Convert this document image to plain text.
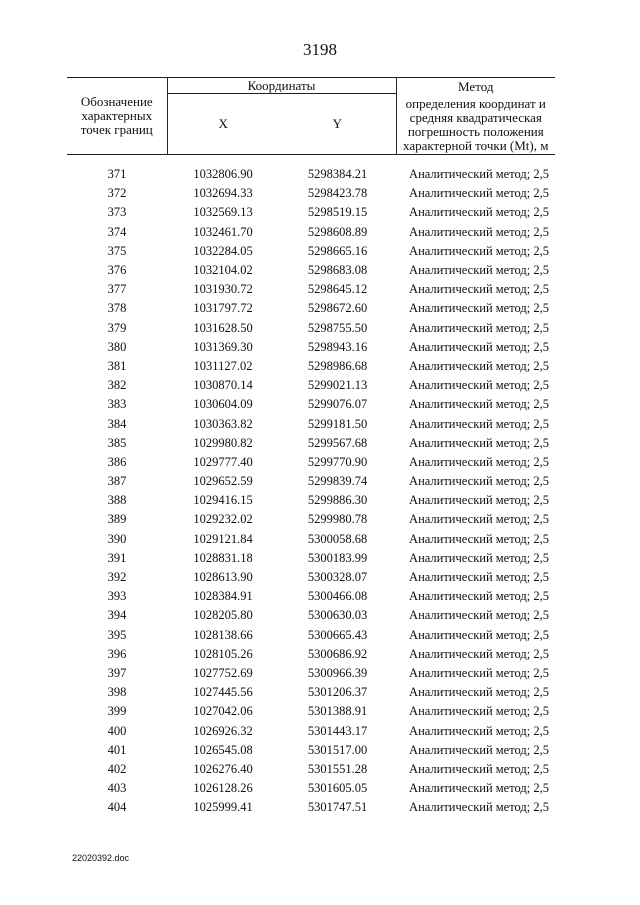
3198
Обозначение характерных точек границ	Координаты		Метод
определения координат и средняя квадратическая погрешность положения характерной точки (Mt), м
	X	Y	

371	1032806.90	5298384.21	Аналитический метод; 2,5
372	1032694.33	5298423.78	Аналитический метод; 2,5
373	1032569.13	5298519.15	Аналитический метод; 2,5
374	1032461.70	5298608.89	Аналитический метод; 2,5
375	1032284.05	5298665.16	Аналитический метод; 2,5
376	1032104.02	5298683.08	Аналитический метод; 2,5
377	1031930.72	5298645.12	Аналитический метод; 2,5
378	1031797.72	5298672.60	Аналитический метод; 2,5
379	1031628.50	5298755.50	Аналитический метод; 2,5
380	1031369.30	5298943.16	Аналитический метод; 2,5
381	1031127.02	5298986.68	Аналитический метод; 2,5
382	1030870.14	5299021.13	Аналитический метод; 2,5
383	1030604.09	5299076.07	Аналитический метод; 2,5
384	1030363.82	5299181.50	Аналитический метод; 2,5
385	1029980.82	5299567.68	Аналитический метод; 2,5
386	1029777.40	5299770.90	Аналитический метод; 2,5
387	1029652.59	5299839.74	Аналитический метод; 2,5
388	1029416.15	5299886.30	Аналитический метод; 2,5
389	1029232.02	5299980.78	Аналитический метод; 2,5
390	1029121.84	5300058.68	Аналитический метод; 2,5
391	1028831.18	5300183.99	Аналитический метод; 2,5
392	1028613.90	5300328.07	Аналитический метод; 2,5
393	1028384.91	5300466.08	Аналитический метод; 2,5
394	1028205.80	5300630.03	Аналитический метод; 2,5
395	1028138.66	5300665.43	Аналитический метод; 2,5
396	1028105.26	5300686.92	Аналитический метод; 2,5
397	1027752.69	5300966.39	Аналитический метод; 2,5
398	1027445.56	5301206.37	Аналитический метод; 2,5
399	1027042.06	5301388.91	Аналитический метод; 2,5
400	1026926.32	5301443.17	Аналитический метод; 2,5
401	1026545.08	5301517.00	Аналитический метод; 2,5
402	1026276.40	5301551.28	Аналитический метод; 2,5
403	1026128.26	5301605.05	Аналитический метод; 2,5
404	1025999.41	5301747.51	Аналитический метод; 2,5
22020392.doc
